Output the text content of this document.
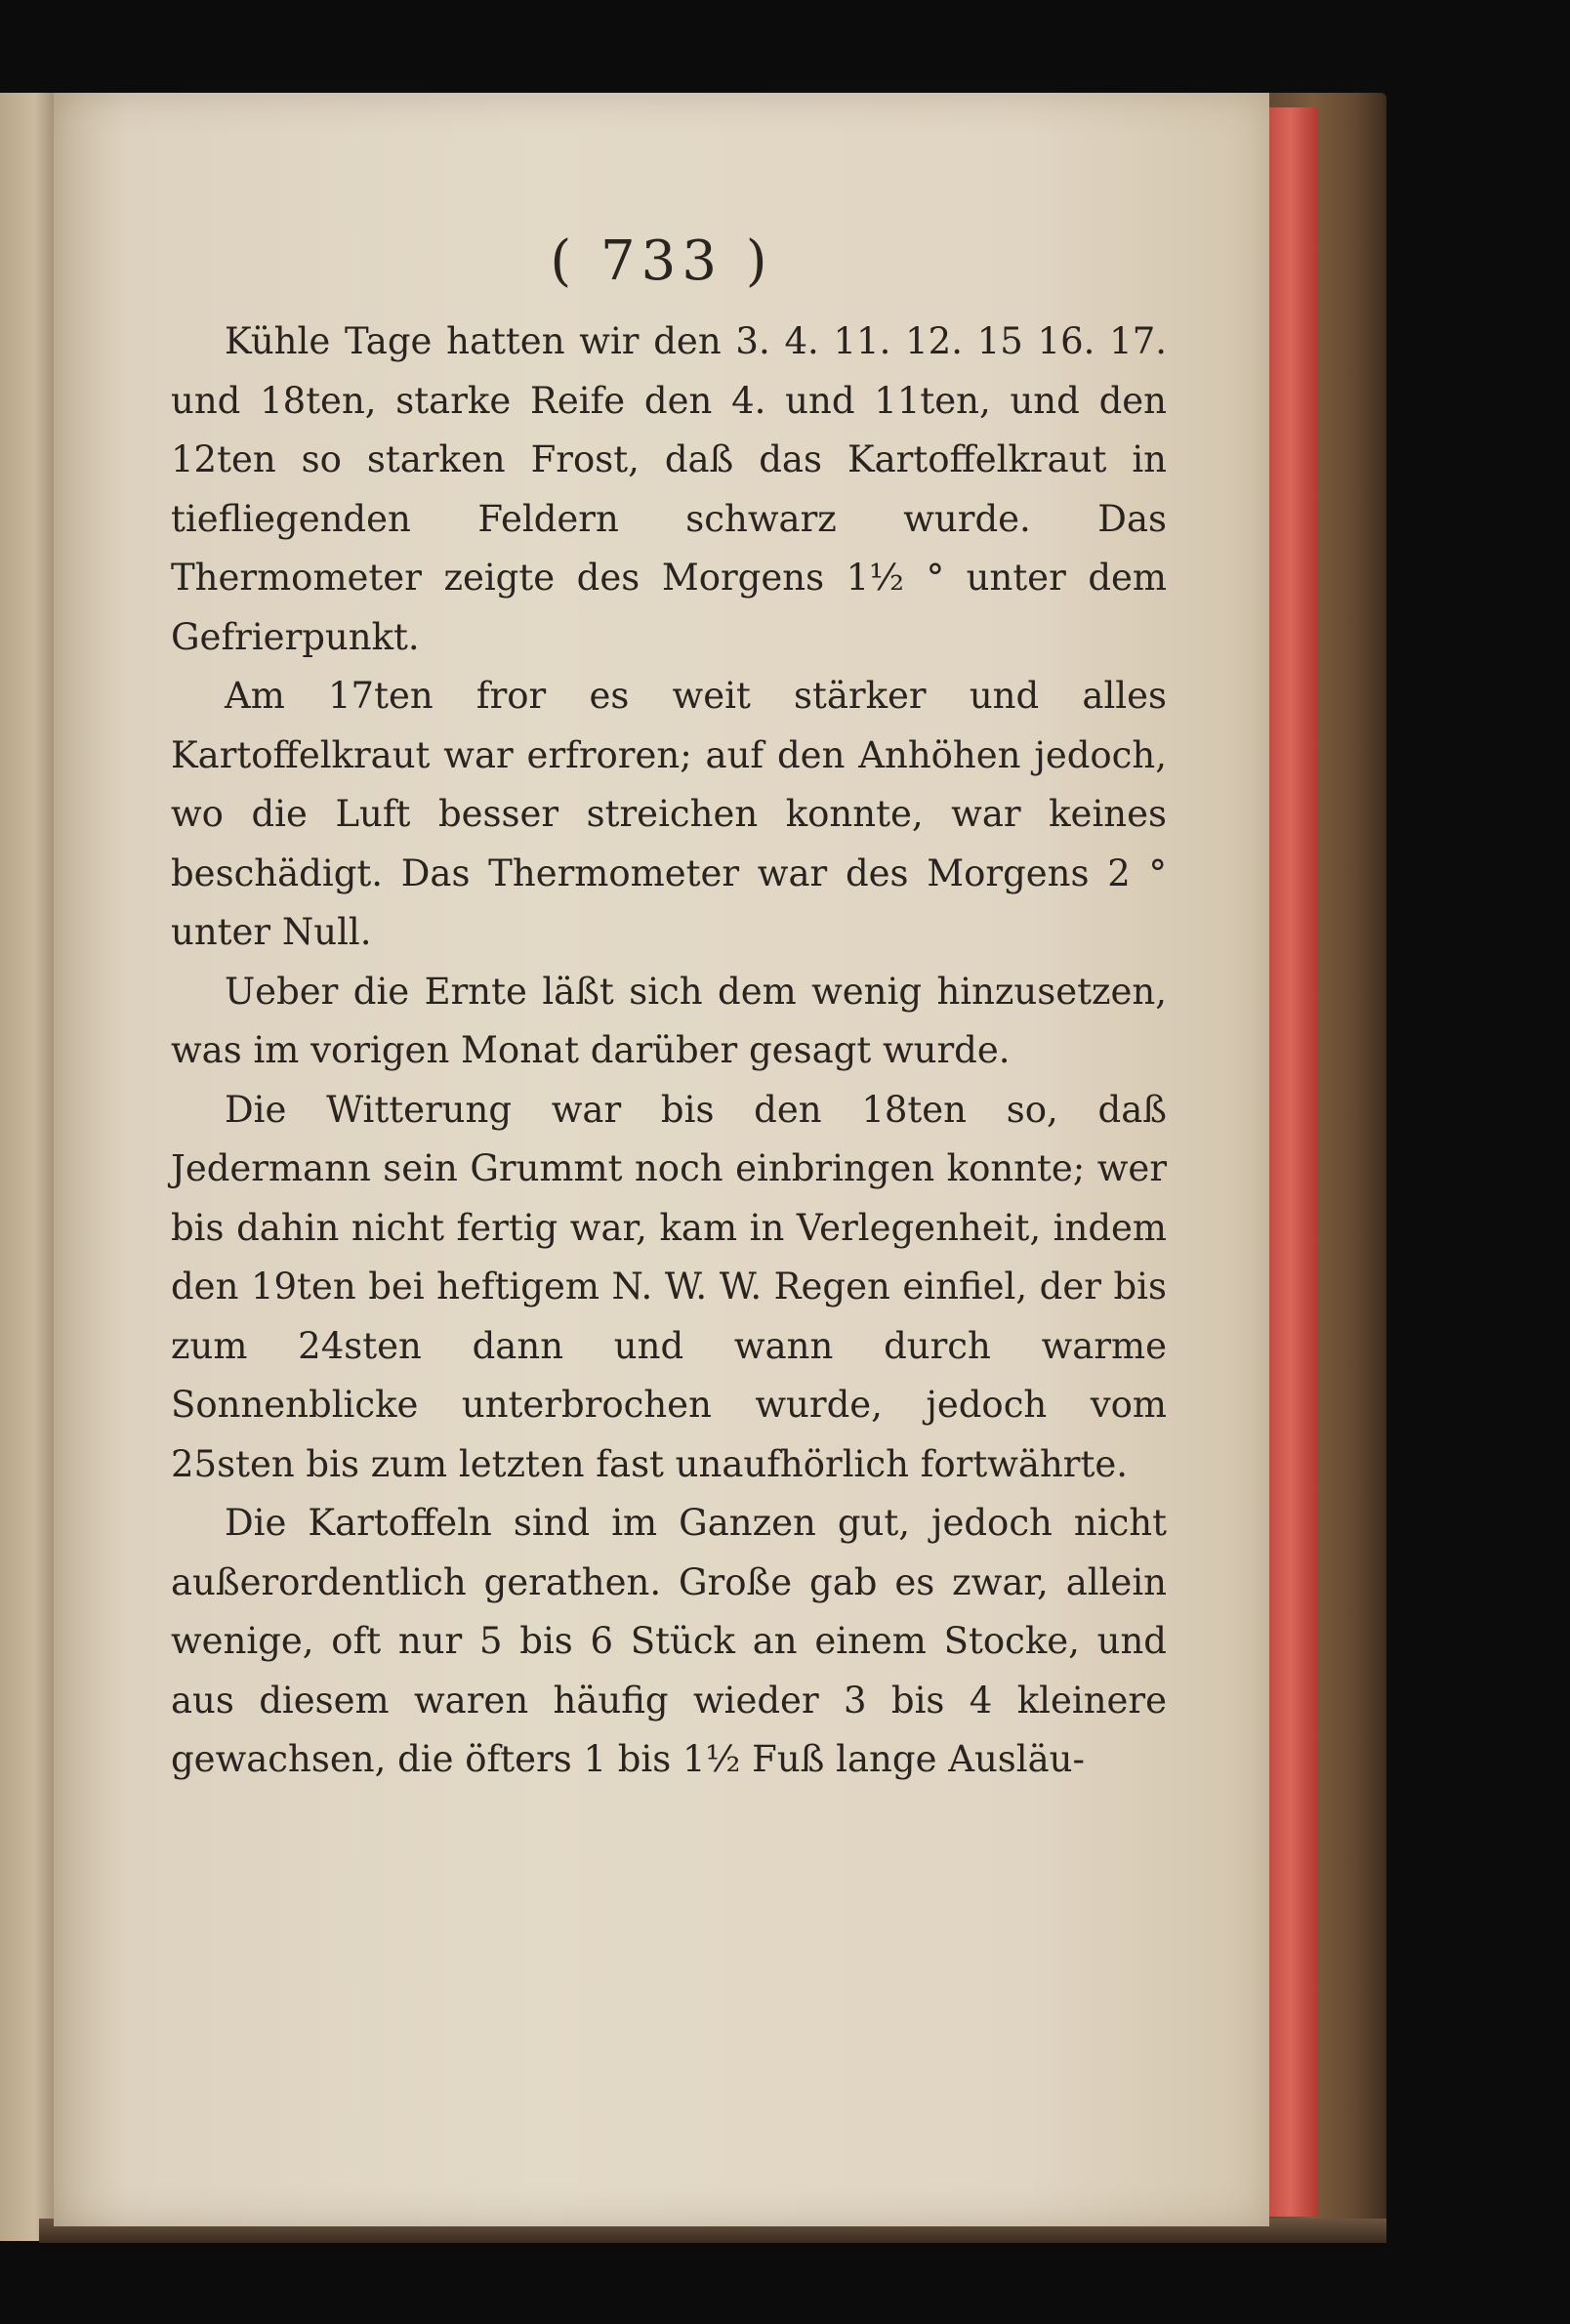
( 733 )

Kühle Tage hatten wir den 3. 4. 11. 12. 15 16. 17. und 18ten, starke Reife den 4. und 11ten, und den 12ten so starken Frost, daß das Kartoffelkraut in tiefliegenden Feldern schwarz wurde. Das Thermometer zeigte des Morgens 1½ ° unter dem Gefrierpunkt.

Am 17ten fror es weit stärker und alles Kartoffelkraut war erfroren; auf den Anhöhen jedoch, wo die Luft besser streichen konnte, war keines beschädigt. Das Thermometer war des Morgens 2 ° unter Null.

Ueber die Ernte läßt sich dem wenig hinzusetzen, was im vorigen Monat darüber gesagt wurde.

Die Witterung war bis den 18ten so, daß Jedermann sein Grummt noch einbringen konnte; wer bis dahin nicht fertig war, kam in Verlegenheit, indem den 19ten bei heftigem N. W. W. Regen einfiel, der bis zum 24sten dann und wann durch warme Sonnenblicke unterbrochen wurde, jedoch vom 25sten bis zum letzten fast unaufhörlich fortwährte.

Die Kartoffeln sind im Ganzen gut, jedoch nicht außerordentlich gerathen. Große gab es zwar, allein wenige, oft nur 5 bis 6 Stück an einem Stocke, und aus diesem waren häufig wieder 3 bis 4 kleinere gewachsen, die öfters 1 bis 1½ Fuß lange Ausläu-
